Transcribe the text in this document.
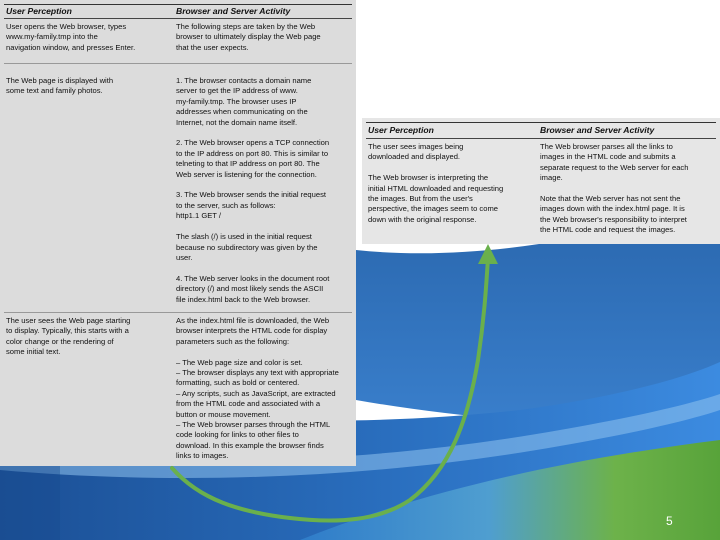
User Perception	Browser and Server Activity
User opens the Web browser, types
www.my-family.tmp into the
navigation window, and presses Enter.
The following steps are taken by the Web
browser to ultimately display the Web page
that the user expects.
The Web page is displayed with
some text and family photos.
1. The browser contacts a domain name
server to get the IP address of www.
my-family.tmp. The browser uses IP
addresses when communicating on the
Internet, not the domain name itself.

2. The Web browser opens a TCP connection
to the IP address on port 80. This is similar to
telneting to that IP address on port 80. The
Web server is listening for the connection.

3. The Web browser sends the initial request
to the server, such as follows:
http1.1 GET /

The slash (/) is used in the initial request
because no subdirectory was given by the
user.

4. The Web server looks in the document root
directory (/) and most likely sends the ASCII
file index.html back to the Web browser.
The user sees the Web page starting
to display. Typically, this starts with a
color change or the rendering of
some initial text.
As the index.html file is downloaded, the Web
browser interprets the HTML code for display
parameters such as the following:

– The Web page size and color is set.
– The browser displays any text with appropriate
formatting, such as bold or centered.
– Any scripts, such as JavaScript, are extracted
from the HTML code and associated with a
button or mouse movement.
– The Web browser parses through the HTML
code looking for links to other files to
download. In this example the browser finds
links to images.
User Perception	Browser and Server Activity
The user sees images being
downloaded and displayed.

The Web browser is interpreting the
initial HTML downloaded and requesting
the images. But from the user's
perspective, the images seem to come
down with the original response.
The Web browser parses all the links to
images in the HTML code and submits a
separate request to the Web server for each
image.

Note that the Web server has not sent the
images down with the index.html page. It is
the Web browser's responsibility to interpret
the HTML code and request the images.
5
